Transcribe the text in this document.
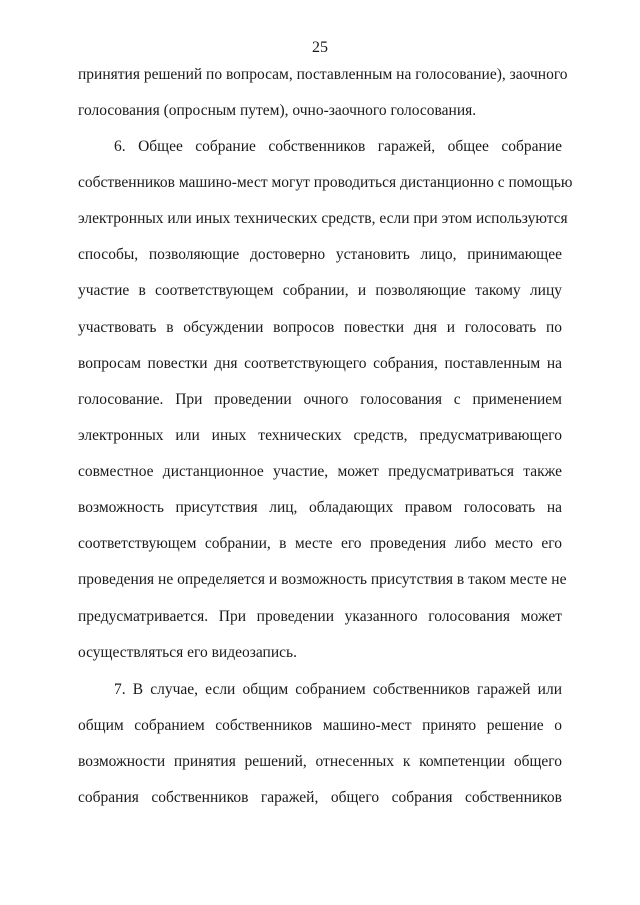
25
принятия решений по вопросам, поставленным на голосование), заочного
голосования (опросным путем), очно-заочного голосования.
6. Общее собрание собственников гаражей, общее собрание
собственников машино-мест могут проводиться дистанционно с помощью
электронных или иных технических средств, если при этом используются
способы, позволяющие достоверно установить лицо, принимающее
участие в соответствующем собрании, и позволяющие такому лицу
участвовать в обсуждении вопросов повестки дня и голосовать по
вопросам повестки дня соответствующего собрания, поставленным на
голосование. При проведении очного голосования с применением
электронных или иных технических средств, предусматривающего
совместное дистанционное участие, может предусматриваться также
возможность присутствия лиц, обладающих правом голосовать на
соответствующем собрании, в месте его проведения либо место его
проведения не определяется и возможность присутствия в таком месте не
предусматривается. При проведении указанного голосования может
осуществляться его видеозапись.
7. В случае, если общим собранием собственников гаражей или
общим собранием собственников машино-мест принято решение о
возможности принятия решений, отнесенных к компетенции общего
собрания собственников гаражей, общего собрания собственников
